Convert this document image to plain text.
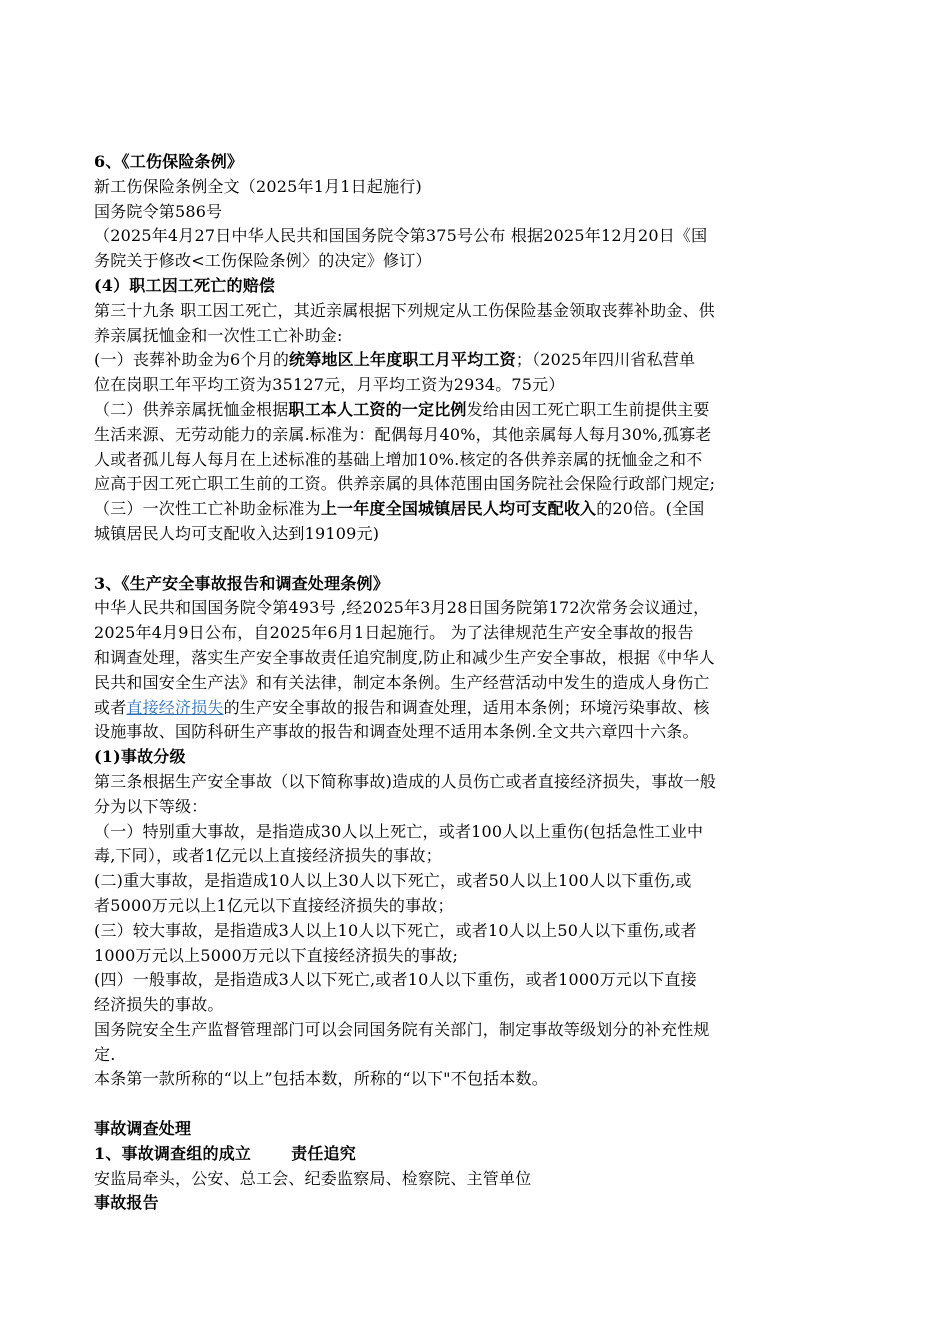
6、《工伤保险条例》
新工伤保险条例全文（2025年1月1日起施行)
国务院令第586号
（2025年4月27日中华人民共和国国务院令第375号公布 根据2025年12月20日《国
务院关于修改<工伤保险条例〉的决定》修订）
(4）职工因工死亡的赔偿
第三十九条 职工因工死亡，其近亲属根据下列规定从工伤保险基金领取丧葬补助金、供
养亲属抚恤金和一次性工亡补助金:
(一）丧葬补助金为6个月的统筹地区上年度职工月平均工资；（2025年四川省私营单
位在岗职工年平均工资为35127元，月平均工资为2934。75元）
（二）供养亲属抚恤金根据职工本人工资的一定比例发给由因工死亡职工生前提供主要
生活来源、无劳动能力的亲属.标准为：配偶每月40%，其他亲属每人每月30%,孤寡老
人或者孤儿每人每月在上述标准的基础上增加10%.核定的各供养亲属的抚恤金之和不
应高于因工死亡职工生前的工资。供养亲属的具体范围由国务院社会保险行政部门规定;
（三）一次性工亡补助金标准为上一年度全国城镇居民人均可支配收入的20倍。(全国
城镇居民人均可支配收入达到19109元)
3、《生产安全事故报告和调查处理条例》
中华人民共和国国务院令第493号 ,经2025年3月28日国务院第172次常务会议通过，
2025年4月9日公布，自2025年6月1日起施行。 为了法律规范生产安全事故的报告
和调查处理，落实生产安全事故责任追究制度,防止和减少生产安全事故，根据《中华人
民共和国安全生产法》和有关法律，制定本条例。生产经营活动中发生的造成人身伤亡
或者直接经济损失的生产安全事故的报告和调查处理，适用本条例；环境污染事故、核
设施事故、国防科研生产事故的报告和调查处理不适用本条例.全文共六章四十六条。
(1)事故分级
第三条根据生产安全事故（以下简称事故)造成的人员伤亡或者直接经济损失，事故一般
分为以下等级：
（一）特别重大事故，是指造成30人以上死亡，或者100人以上重伤(包括急性工业中
毒,下同），或者1亿元以上直接经济损失的事故；
(二)重大事故，是指造成10人以上30人以下死亡，或者50人以上100人以下重伤,或
者5000万元以上1亿元以下直接经济损失的事故；
(三）较大事故，是指造成3人以上10人以下死亡，或者10人以上50人以下重伤,或者
1000万元以上5000万元以下直接经济损失的事故;
(四）一般事故，是指造成3人以下死亡,或者10人以下重伤，或者1000万元以下直接
经济损失的事故。
国务院安全生产监督管理部门可以会同国务院有关部门，制定事故等级划分的补充性规
定.
本条第一款所称的“以上”包括本数，所称的“以下"不包括本数。
事故调查处理
1、事故调查组的成立	责任追究
安监局牵头，公安、总工会、纪委监察局、检察院、主管单位
事故报告
